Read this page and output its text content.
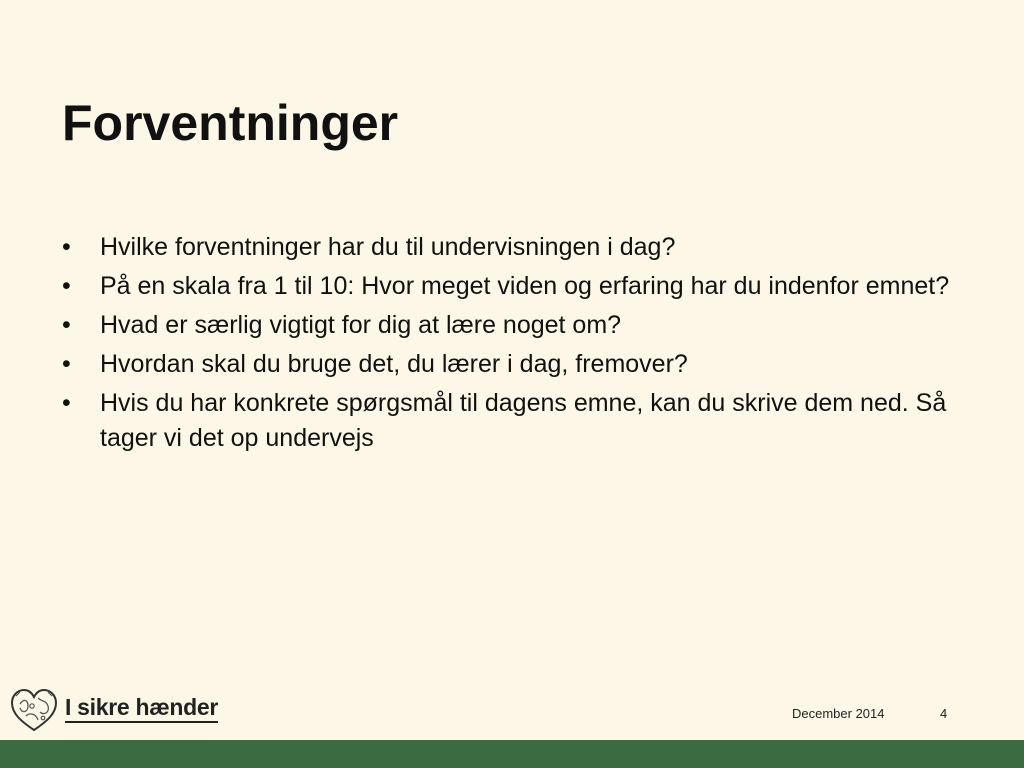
Forventninger
• Hvilke forventninger har du til undervisningen i dag?
• På en skala fra 1 til 10: Hvor meget viden og erfaring har du indenfor emnet?
• Hvad er særlig vigtigt for dig at lære noget om?
• Hvordan skal du bruge det, du lærer i dag, fremover?
• Hvis du har konkrete spørgsmål til dagens emne, kan du skrive dem ned. Så tager vi det op undervejs
I sikre hænder	December 2014	4
